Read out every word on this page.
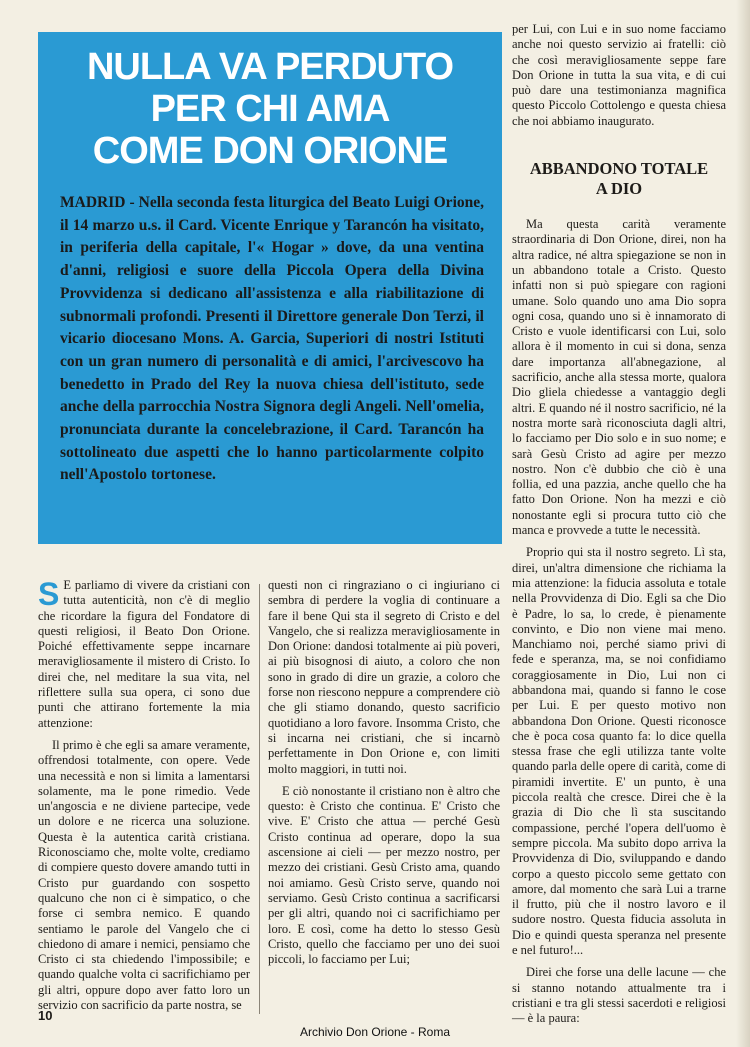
NULLA VA PERDUTO
PER CHI AMA
COME DON ORIONE

MADRID - Nella seconda festa liturgica del Beato Luigi Orione, il 14 marzo u.s. il Card. Vicente Enrique y Tarancón ha visitato, in periferia della capitale, l'« Hogar » dove, da una ventina d'anni, religiosi e suore della Piccola Opera della Divina Provvidenza si dedicano all'assistenza e alla riabilitazione di subnormali profondi. Presenti il Direttore generale Don Terzi, il vicario diocesano Mons. A. Garcia, Superiori di nostri Istituti con un gran numero di personalità e di amici, l'arcivescovo ha benedetto in Prado del Rey la nuova chiesa dell'istituto, sede anche della parrocchia Nostra Signora degli Angeli. Nell'omelia, pronunciata durante la concelebrazione, il Card. Tarancón ha sottolineato due aspetti che lo hanno particolarmente colpito nell'Apostolo tortonese.

S E parliamo di vivere da cristiani con tutta autenticità, non c'è di meglio che ricordare la figura del Fondatore di questi religiosi, il Beato Don Orione. Poiché effettivamente seppe incarnare meravigliosamente il mistero di Cristo. Io direi che, nel meditare la sua vita, nel riflettere sulla sua opera, ci sono due punti che attirano fortemente la mia attenzione:

Il primo è che egli sa amare veramente, offrendosi totalmente, con opere. Vede una necessità e non si limita a lamentarsi solamente, ma le pone rimedio. Vede un'angoscia e ne diviene partecipe, vede un dolore e ne ricerca una soluzione. Questa è la autentica carità cristiana. Riconosciamo che, molte volte, crediamo di compiere questo dovere amando tutti in Cristo pur guardando con sospetto qualcuno che non ci è simpatico, o che forse ci sembra nemico. E quando sentiamo le parole del Vangelo che ci chiedono di amare i nemici, pensiamo che Cristo ci sta chiedendo l'impossibile; e quando qualche volta ci sacrifichiamo per gli altri, oppure dopo aver fatto loro un servizio con sacrificio da parte nostra, se

questi non ci ringraziano o ci ingiuriano ci sembra di perdere la voglia di continuare a fare il bene Qui sta il segreto di Cristo e del Vangelo, che si realizza meravigliosamente in Don Orione: dandosi totalmente ai più poveri, ai più bisognosi di aiuto, a coloro che non sono in grado di dire un grazie, a coloro che forse non riescono neppure a comprendere ciò che gli stiamo donando, questo sacrificio quotidiano a loro favore. Insomma Cristo, che si incarna nei cristiani, che si incarnò perfettamente in Don Orione e, con limiti molto maggiori, in tutti noi.

E ciò nonostante il cristiano non è altro che questo: è Cristo che continua. E' Cristo che vive. E' Cristo che attua — perché Gesù Cristo continua ad operare, dopo la sua ascensione ai cieli — per mezzo nostro, per mezzo dei cristiani. Gesù Cristo ama, quando noi amiamo. Gesù Cristo serve, quando noi serviamo. Gesù Cristo continua a sacrificarsi per gli altri, quando noi ci sacrifichiamo per loro. E così, come ha detto lo stesso Gesù Cristo, quello che facciamo per uno dei suoi piccoli, lo facciamo per Lui;

per Lui, con Lui e in suo nome facciamo anche noi questo servizio ai fratelli: ciò che così meravigliosamente seppe fare Don Orione in tutta la sua vita, e di cui può dare una testimonianza magnifica questo Piccolo Cottolengo e questa chiesa che noi abbiamo inaugurato.

ABBANDONO TOTALE
A DIO

Ma questa carità veramente straordinaria di Don Orione, direi, non ha altra radice, né altra spiegazione se non in un abbandono totale a Cristo. Questo infatti non si può spiegare con ragioni umane. Solo quando uno ama Dio sopra ogni cosa, quando uno si è innamorato di Cristo e vuole identificarsi con Lui, solo allora è il momento in cui si dona, senza dare importanza all'abnegazione, al sacrificio, anche alla stessa morte, qualora Dio gliela chiedesse a vantaggio degli altri. E quando né il nostro sacrificio, né la nostra morte sarà riconosciuta dagli altri, lo facciamo per Dio solo e in suo nome; e sarà Gesù Cristo ad agire per mezzo nostro. Non c'è dubbio che ciò è una follia, ed una pazzia, anche quello che ha fatto Don Orione. Non ha mezzi e ciò nonostante egli si procura tutto ciò che manca e provvede a tutte le necessità.

Proprio qui sta il nostro segreto. Lì sta, direi, un'altra dimensione che richiama la mia attenzione: la fiducia assoluta e totale nella Provvidenza di Dio. Egli sa che Dio è Padre, lo sa, lo crede, è pienamente convinto, e Dio non viene mai meno. Manchiamo noi, perché siamo privi di fede e speranza, ma, se noi confidiamo coraggiosamente in Dio, Lui non ci abbandona mai, quando si fanno le cose per Lui. E per questo motivo non abbandona Don Orione. Questi riconosce che è poca cosa quanto fa: lo dice quella stessa frase che egli utilizza tante volte quando parla delle opere di carità, come di piramidi invertite. E' un punto, è una piccola realtà che cresce. Direi che è la grazia di Dio che lì sta suscitando compassione, perché l'opera dell'uomo è sempre piccola. Ma subito dopo arriva la Provvidenza di Dio, sviluppando e dando corpo a questo piccolo seme gettato con amore, dal momento che sarà Lui a trarne il frutto, più che il nostro lavoro e il sudore nostro. Questa fiducia assoluta in Dio e quindi questa speranza nel presente e nel futuro!...

Direi che forse una delle lacune — che si stanno notando attualmente tra i cristiani e tra gli stessi sacerdoti e religiosi — è la paura:

10
Archivio Don Orione - Roma
